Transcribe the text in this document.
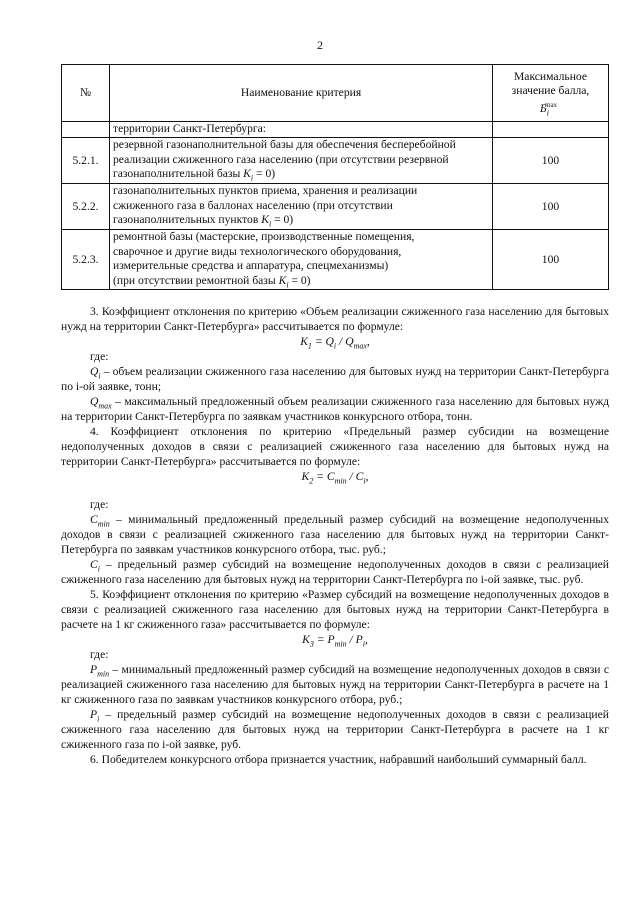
2
№	Наименование критерия	Максимальное
значение балла,
$Б_i^{max}$
	территории Санкт-Петербурга:	
5.2.1.	резервной газонаполнительной базы для обеспечения бесперебойной
реализации сжиженного газа населению (при отсутствии резервной
газонаполнительной базы $K_i = 0$)	100
5.2.2.	газонаполнительных пунктов приема, хранения и реализации
сжиженного газа в баллонах населению (при отсутствии
газонаполнительных пунктов $K_i = 0$)	100
5.2.3.	ремонтной базы (мастерские, производственные помещения,
сварочное и другие виды технологического оборудования,
измерительные средства и аппаратура, спецмеханизмы)
(при отсутствии ремонтной базы $K_i = 0$)	100

3. Коэффициент отклонения по критерию «Объем реализации сжиженного газа населению для бытовых нужд на территории Санкт-Петербурга» рассчитывается по формуле:

$K_1 = Q_i / Q_{max}$,

где:

$Q_i$ – объем реализации сжиженного газа населению для бытовых нужд на территории Санкт-Петербурга по i-ой заявке, тонн;

$Q_{max}$ – максимальный предложенный объем реализации сжиженного газа населению для бытовых нужд на территории Санкт-Петербурга по заявкам участников конкурсного отбора, тонн.

4. Коэффициент отклонения по критерию «Предельный размер субсидии на возмещение недополученных доходов в связи с реализацией сжиженного газа населению для бытовых нужд на территории Санкт-Петербурга» рассчитывается по формуле:

$K_2 = C_{min} / C_i$,

где:

$C_{min}$ – минимальный предложенный предельный размер субсидий на возмещение недополученных доходов в связи с реализацией сжиженного газа населению для бытовых нужд на территории Санкт-Петербурга по заявкам участников конкурсного отбора, тыс. руб.;

$C_i$ – предельный размер субсидий на возмещение недополученных доходов в связи с реализацией сжиженного газа населению для бытовых нужд на территории Санкт-Петербурга по i-ой заявке, тыс. руб.

5. Коэффициент отклонения по критерию «Размер субсидий на возмещение недополученных доходов в связи с реализацией сжиженного газа населению для бытовых нужд на территории Санкт-Петербурга в расчете на 1 кг сжиженного газа» рассчитывается по формуле:

$K_3 = P_{min} / P_i$,

где:

$P_{min}$ – минимальный предложенный размер субсидий на возмещение недополученных доходов в связи с реализацией сжиженного газа населению для бытовых нужд на территории Санкт-Петербурга в расчете на 1 кг сжиженного газа по заявкам участников конкурсного отбора, руб.;

$P_i$ – предельный размер субсидий на возмещение недополученных доходов в связи с реализацией сжиженного газа населению для бытовых нужд на территории Санкт-Петербурга в расчете на 1 кг сжиженного газа по i-ой заявке, руб.

6. Победителем конкурсного отбора признается участник, набравший наибольший суммарный балл.
